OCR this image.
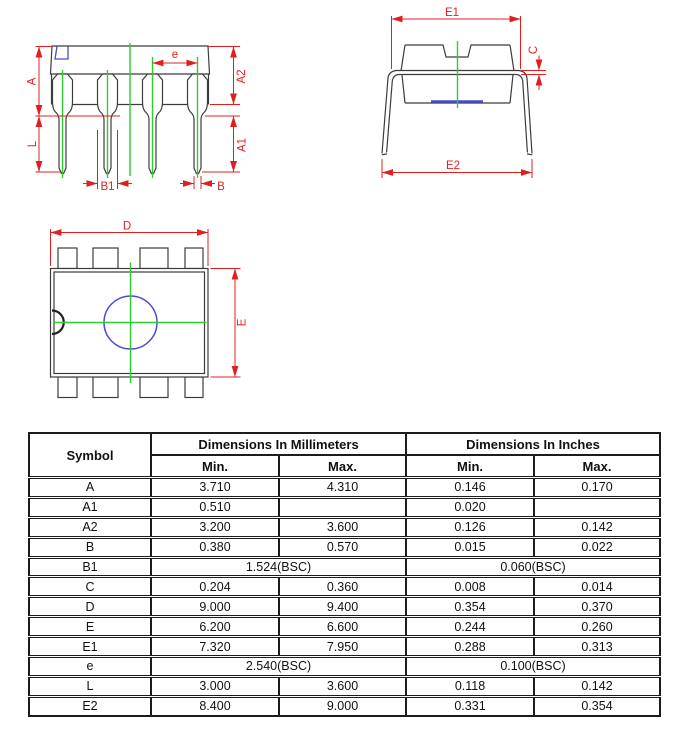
A
L
e
A2
A1
B1	B
E1
E2
C
D
E
Symbol	Dimensions In Millimeters		Dimensions In Inches	
	Min.	Max.	Min.	Max.
A	3.710	4.310	0.146	0.170
A1	0.510		0.020	
A2	3.200	3.600	0.126	0.142
B	0.380	0.570	0.015	0.022
B1	1.524(BSC)		0.060(BSC)	
C	0.204	0.360	0.008	0.014
D	9.000	9.400	0.354	0.370
E	6.200	6.600	0.244	0.260
E1	7.320	7.950	0.288	0.313
e	2.540(BSC)		0.100(BSC)	
L	3.000	3.600	0.118	0.142
E2	8.400	9.000	0.331	0.354
